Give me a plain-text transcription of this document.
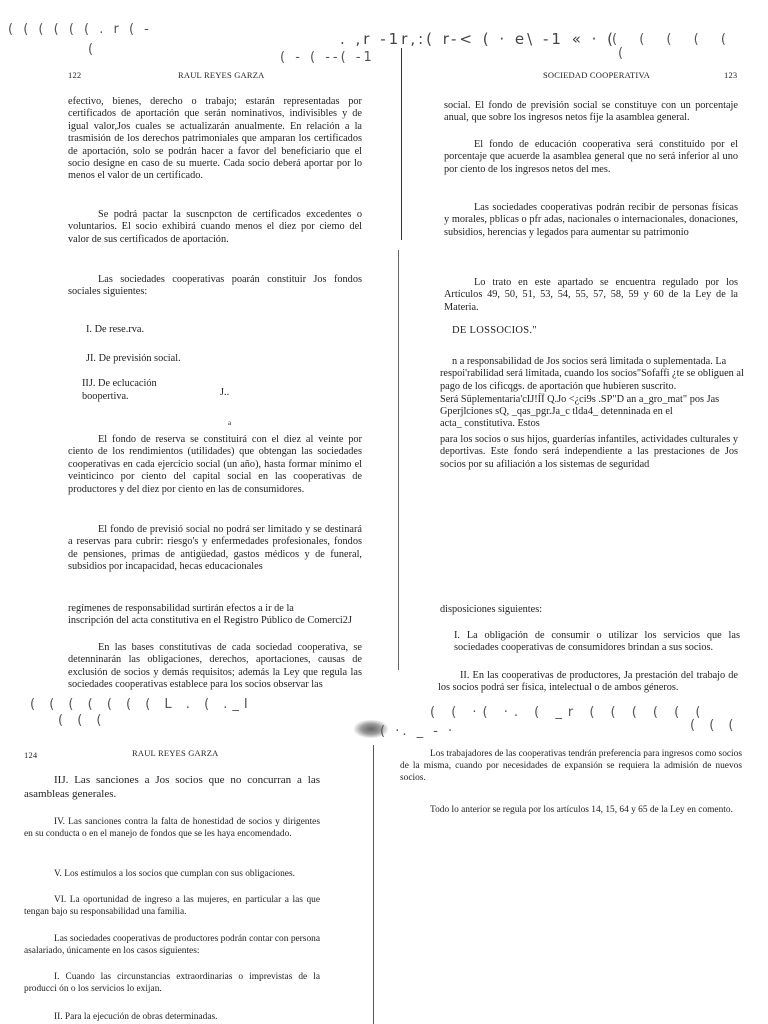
( ( ( ( ( ( . r ( -
(
. ,r -1r,:( r-< ( · e\ -1 « · (
( - ( --( -1
( ( ( ( (
(
122	RAUL REYES GARZA
efectivo, bienes, derecho o trabajo; estarán representadas por certificados de aportación que serán nominativos, indivisibles y de igual valor,Jos cuales se actualizarán anualmente. En relación a la trasmisión de los derechos patrimoniales que amparan los certificados de aportación, solo se podrán hacer a favor del beneficiario que el socio designe en caso de su muerte. Cada socio deberá aportar por lo menos el valor de un certificado.
Se podrá pactar la suscnpcton de certificados excedentes o voluntarios. El socio exhibirá cuando menos el diez por ciemo del valor de sus certificados de aportación.
Las sociedades cooperativas poarán constituir Jos fondos sociales siguientes:
I. De rese.rva.
JI. De previsión social.
IIJ. De eclucación
boopertiva.	J..
a
El fondo de reserva se constituirá con el diez al veinte por ciento de los rendimientos (utilidades) que obtengan las sociedades cooperativas en cada ejercicio social (un año), hasta formar mínimo el veinticinco por ciento del capital social en las cooperativas de productores y del diez por ciento en las de consumidores.
El fondo de previsió social no podrá ser limitado y se destinará a reservas para cubrir: riesgo's y enfermedades profesionales, fondos de pensiones, primas de antigüedad, gastos médicos y de funeral, subsidios por incapacidad, hecas educacionales
SOCIEDAD COOPERATIVA	123
social. El fondo de previsión social se constituye con un porcentaje anual, que sobre los ingresos netos fije la asamblea general.
El fondo de educación cooperativa será constituido por el porcentaje que acuerde la asamblea general que no será inferior al uno por ciento de los ingresos netos del mes.
Las sociedades cooperativas podrán recibir de personas físicas y morales, pblicas o pfr adas, nacionales o internacionales, donaciones, subsidios, herencias y legados para aumentar su patrimonio
Lo trato en este apartado se encuentra regulado por los Artículos 49, 50, 51, 53, 54, 55, 57, 58, 59 y 60 de la Ley de la Materia.
DE LOSSOCIOS."
n a responsabilidad de Jos socios será limitada o suplementada. La
respoi'rabilidad será limitada, cuando los socios"Sofaffi ¿te se obliguen al
pago de los cificqgs. de aportación que hubieren suscrito.
Será Süplementaria'cIJ!ÍÏ Q.Jo <¿ci9s .SP"D an a_gro_mat" pos Jas
Gperjlciones sQ, _qas_pgr.Ja_c tlda4_ detenninada en el
acta_ constitutiva. Estos
para los socios o sus hijos, guarderías infantiles, actividades culturales y deportivas. Este fondo será independiente a las prestaciones de Jos socios por su afiliación a los sistemas de seguridad
regímenes de responsabilidad surtirán efectos a ir de la
inscripción del acta constitutiva en el Registro Público de Comerci2J
En las bases constitutivas de cada sociedad cooperativa, se detenninarán las obligaciones, derechos, aportaciones, causas de exclusión de socios y demás requisitos; además la Ley que regula las sociedades cooperativas establece para los socios observar las
disposiciones siguientes:
I. La obligación de consumir o utilizar los servicios que las sociedades cooperativas de consumidores brindan a sus socios.
II. En las cooperativas de productores, Ja prestación del trabajo de los socios podrá ser física, intelectual o de ambos géneros.
( ( ( ( ( ( ( L . ( ._I
( ( (
( ·. _ - ·
( ( ·( ·. ( _r ( ( ( ( ( (
( ( (
124	RAUL REYES GARZA
IIJ. Las sanciones a Jos socios que no concurran a las asambleas generales.
IV. Las sanciones contra la falta de honestidad de socios y dirigentes en su conducta o en el manejo de fondos que se les haya encomendado.
V. Los estímulos a los socios que cumplan con sus obligaciones.
VI. La oportunidad de ingreso a las mujeres, en particular a las que tengan bajo su responsabilidad una familia.
Las sociedades cooperativas de productores podrán contar con persona asalariado, únicamente en los casos siguientes:
I. Cuando las circunstancias extraordinarias o imprevistas de la producci ón o los servicios lo exijan.
II. Para la ejecución de obras determinadas.
Los trabajadores de las cooperativas tendrán preferencia para ingresos como socios de la misma, cuando por necesidades de expansión se requiera la admisión de nuevos socios.
Todo lo anterior se regula por los artículos 14, 15, 64 y 65 de la Ley en comento.
